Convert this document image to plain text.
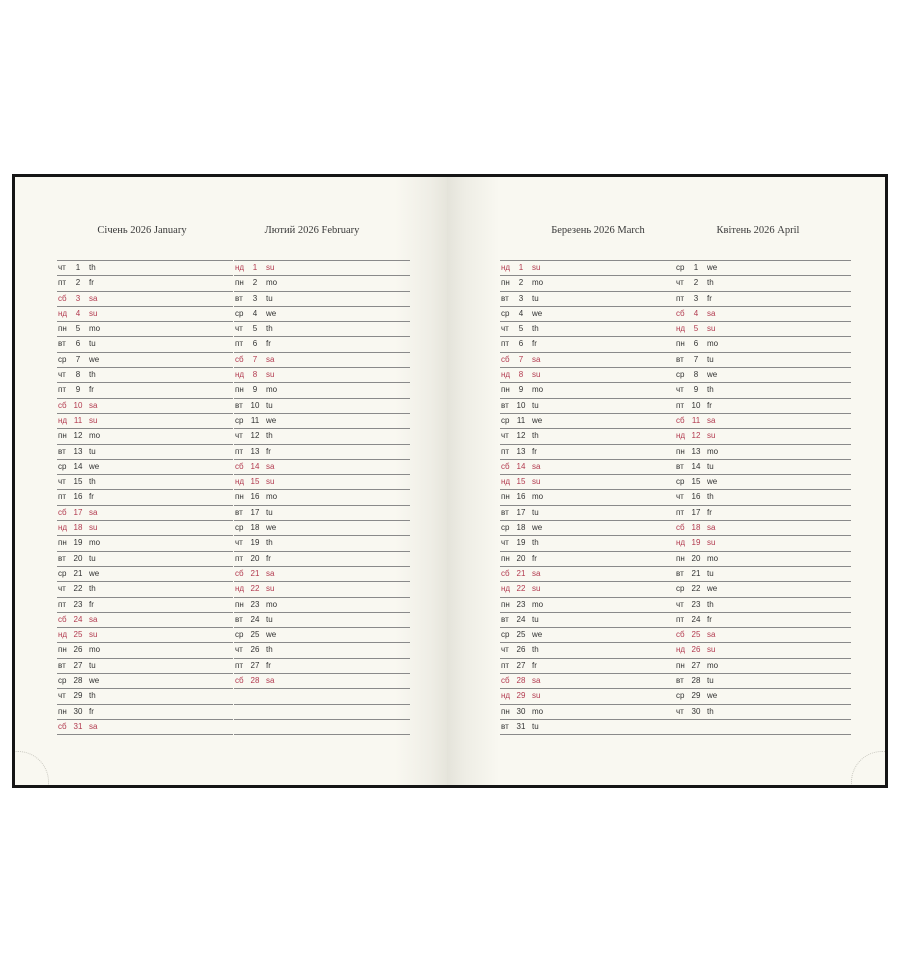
Січень 2026 January	Лютий 2026 February
чт	1	th
пт	2	fr
сб	3	sa
нд	4	su
пн	5	mo
вт	6	tu
ср	7	we
чт	8	th
пт	9	fr
сб 10 sa
нд 11 su
пн 12 mo
вт 13 tu
ср 14 we
чт 15 th
пт 16 fr
сб 17 sa
нд 18 su
пн 19 mo
вт 20 tu
ср 21 we
чт 22 th
пт 23 fr
сб 24 sa
нд 25 su
пн 26 mo
вт 27 tu
ср 28 we
чт 29 th
пн 30 fr
сб 31 sa
нд	1	su
пн	2	mo
вт	3	tu
ср	4	we
чт	5	th
пт	6	fr
сб	7	sa
нд	8	su
пн	9	mo
вт 10 tu
ср 11 we
чт 12 th
пт 13 fr
сб 14 sa
нд 15 su
пн 16 mo
вт 17 tu
ср 18 we
чт 19 th
пт 20 fr
сб 21 sa
нд 22 su
пн 23 mo
вт 24 tu
ср 25 we
чт 26 th
пт 27 fr
сб 28 sa
Березень 2026 March	Квітень 2026 April
нд	1	su
пн	2	mo
вт	3	tu
ср	4	we
чт	5	th
пт	6	fr
сб	7	sa
нд	8	su
пн	9	mo
вт 10 tu
ср 11 we
чт 12 th
пт 13 fr
сб 14 sa
нд 15 su
пн 16 mo
вт 17 tu
ср 18 we
чт 19 th
пн 20 fr
сб 21 sa
нд 22 su
пн 23 mo
вт 24 tu
ср 25 we
чт 26 th
пт 27 fr
сб 28 sa
нд 29 su
пн 30 mo
вт 31 tu
ср	1	we
чт	2	th
пт	3	fr
сб	4	sa
нд	5	su
пн	6	mo
вт	7	tu
ср	8	we
чт	9	th
пт 10 fr
сб 11 sa
нд 12 su
пн 13 mo
вт 14 tu
ср 15 we
чт 16 th
пт 17 fr
сб 18 sa
нд 19 su
пн 20 mo
вт 21 tu
ср 22 we
чт 23 th
пт 24 fr
сб 25 sa
нд 26 su
пн 27 mo
вт 28 tu
ср 29 we
чт 30 th
